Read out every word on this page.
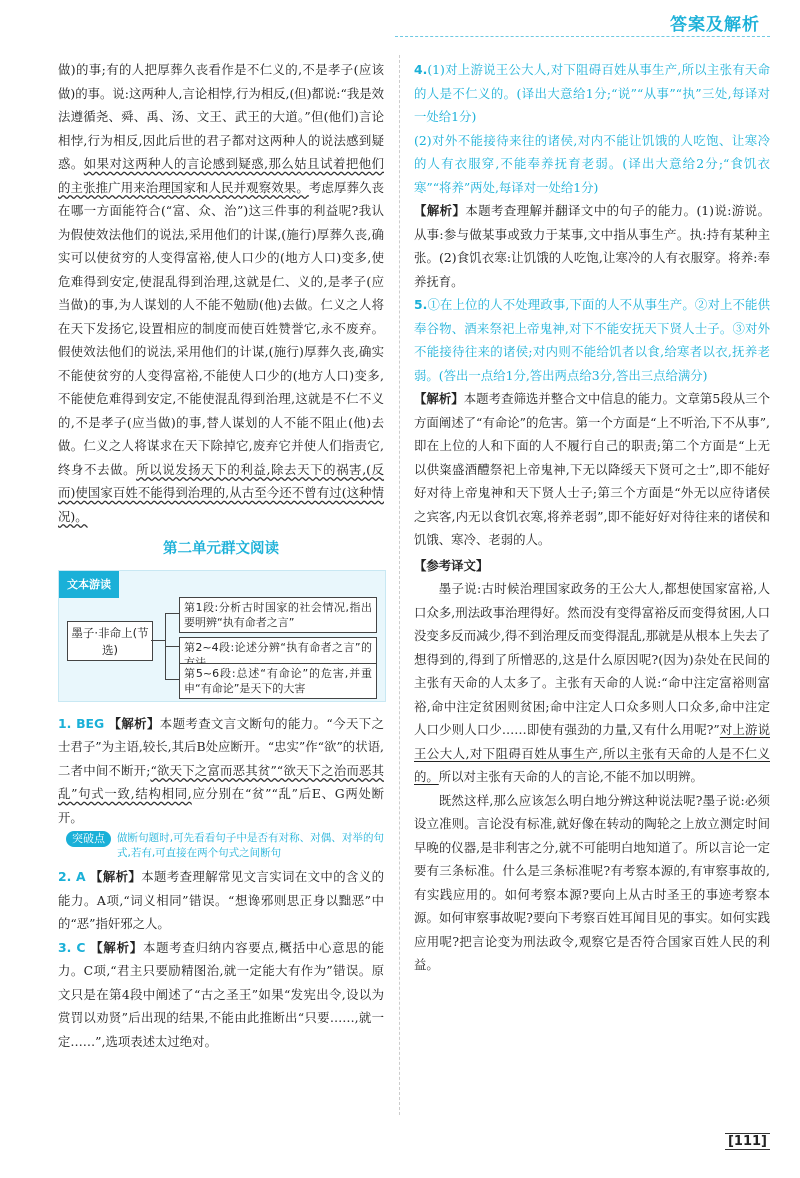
答案及解析

做)的事;有的人把厚葬久丧看作是不仁义的,不是孝子(应该做)的事。说:这两种人,言论相悖,行为相反,(但)都说:“我是效法遵循尧、舜、禹、汤、文王、武王的大道。”但(他们)言论相悖,行为相反,因此后世的君子都对这两种人的说法感到疑惑。如果对这两种人的言论感到疑惑,那么姑且试着把他们的主张推广用来治理国家和人民并观察效果。考虑厚葬久丧在哪一方面能符合(“富、众、治”)这三件事的利益呢?我认为假使效法他们的说法,采用他们的计谋,(施行)厚葬久丧,确实可以使贫穷的人变得富裕,使人口少的(地方人口)变多,使危难得到安定,使混乱得到治理,这就是仁、义的,是孝子(应当做)的事,为人谋划的人不能不勉励(他)去做。仁义之人将在天下发扬它,设置相应的制度而使百姓赞誉它,永不废弃。假使效法他们的说法,采用他们的计谋,(施行)厚葬久丧,确实不能使贫穷的人变得富裕,不能使人口少的(地方人口)变多,不能使危难得到安定,不能使混乱得到治理,这就是不仁不义的,不是孝子(应当做)的事,替人谋划的人不能不阻止(他)去做。仁义之人将谋求在天下除掉它,废弃它并使人们指责它,终身不去做。所以说发扬天下的利益,除去天下的祸害,(反而)使国家百姓不能得到治理的,从古至今还不曾有过(这种情况)。

第二单元群文阅读
文本游读
墨子·非命上(节选)
第1段:分析古时国家的社会情况,指出要明辨“执有命者之言”
第2~4段:论述分辨“执有命者之言”的
第5~6段:总述“有命论”的危害,并重申“有命论”是天下的大害

1. BEG 【解析】本题考查文言文断句的能力。“今天下之士君子”为主语,较长,其后B处应断开。“忠实”作“欲”的状语,二者中间不断开;“欲天下之富而恶其贫”“欲天下之治而恶其乱”句式一致,结构相同,应分别在“贫”“乱”后E、G两处断开。

突破点	做断句题时,可先看看句子中是否有对称、对偶、对举的句式,若有,可直接在两个句式之间断句

2. A 【解析】本题考查理解常见文言实词在文中的含义的能力。A项,“词义相同”错误。“想谗邪则思正身以黜恶”中的“恶”指奸邪之人。

3. C 【解析】本题考查归纳内容要点,概括中心意思的能力。C项,“君主只要励精图治,就一定能大有作为”错误。原文只是在第4段中阐述了“古之圣王”如果“发宪出令,设以为赏罚以劝贤”后出现的结果,不能由此推断出“只要……,就一定……”,选项表述太过绝对。

4.(1)对上游说王公大人,对下阻碍百姓从事生产,所以主张有天命的人是不仁义的。(译出大意给1分;“说”“从事”“执”三处,每译对一处给1分)

(2)对外不能接待来往的诸侯,对内不能让饥饿的人吃饱、让寒冷的人有衣服穿,不能奉养抚育老弱。(译出大意给2分;“食饥衣寒”“将养”两处,每译对一处给1分)

【解析】本题考查理解并翻译文中的句子的能力。(1)说:游说。从事:参与做某事或致力于某事,文中指从事生产。执:持有某种主张。(2)食饥衣寒:让饥饿的人吃饱,让寒冷的人有衣服穿。将养:奉养抚育。

5.①在上位的人不处理政事,下面的人不从事生产。②对上不能供奉谷物、酒来祭祀上帝鬼神,对下不能安抚天下贤人士子。③对外不能接待往来的诸侯;对内则不能给饥者以食,给寒者以衣,抚养老弱。(答出一点给1分,答出两点给3分,答出三点给满分)

【解析】本题考查筛选并整合文中信息的能力。文章第5段从三个方面阐述了“有命论”的危害。第一个方面是“上不听治,下不从事”,即在上位的人和下面的人不履行自己的职责;第二个方面是“上无以供粢盛酒醴祭祀上帝鬼神,下无以降绥天下贤可之士”,即不能好好对待上帝鬼神和天下贤人士子;第三个方面是“外无以应待诸侯之宾客,内无以食饥衣寒,将养老弱”,即不能好好对待往来的诸侯和饥饿、寒冷、老弱的人。

【参考译文】

墨子说:古时候治理国家政务的王公大人,都想使国家富裕,人口众多,刑法政事治理得好。然而没有变得富裕反而变得贫困,人口没变多反而减少,得不到治理反而变得混乱,那就是从根本上失去了想得到的,得到了所憎恶的,这是什么原因呢?(因为)杂处在民间的主张有天命的人太多了。主张有天命的人说:“命中注定富裕则富裕,命中注定贫困则贫困;命中注定人口众多则人口众多,命中注定人口少则人口少……即使有强劲的力量,又有什么用呢?”对上游说王公大人,对下阻碍百姓从事生产,所以主张有天命的人是不仁义的。所以对主张有天命的人的言论,不能不加以明辨。

既然这样,那么应该怎么明白地分辨这种说法呢?墨子说:必须设立准则。言论没有标准,就好像在转动的陶轮之上放立测定时间早晚的仪器,是非利害之分,就不可能明白地知道了。所以言论一定要有三条标准。什么是三条标准呢?有考察本源的,有审察事故的,有实践应用的。如何考察本源?要向上从古时圣王的事迹考察本源。如何审察事故呢?要向下考察百姓耳闻目见的事实。如何实践应用呢?把言论变为刑法政令,观察它是否符合国家百姓人民的利益。

[ 111 ]
